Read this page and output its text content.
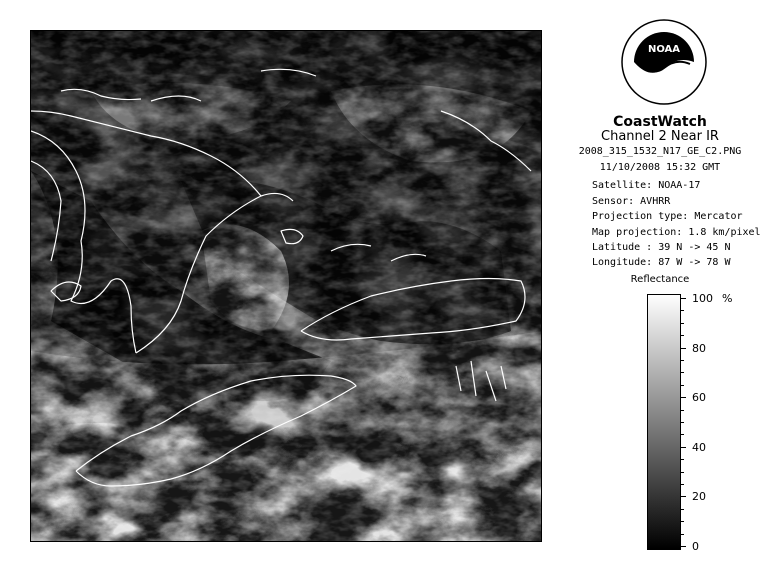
NOAA
CoastWatch
Channel 2 Near IR
2008_315_1532_N17_GE_C2.PNG
11/10/2008 15:32 GMT
Satellite: NOAA-17
Sensor: AVHRR
Projection type: Mercator
Map projection: 1.8 km/pixel
Latitude : 39 N -> 45 N
Longitude: 87 W -> 78 W
Reflectance
%
100
80
60
40
20
0
